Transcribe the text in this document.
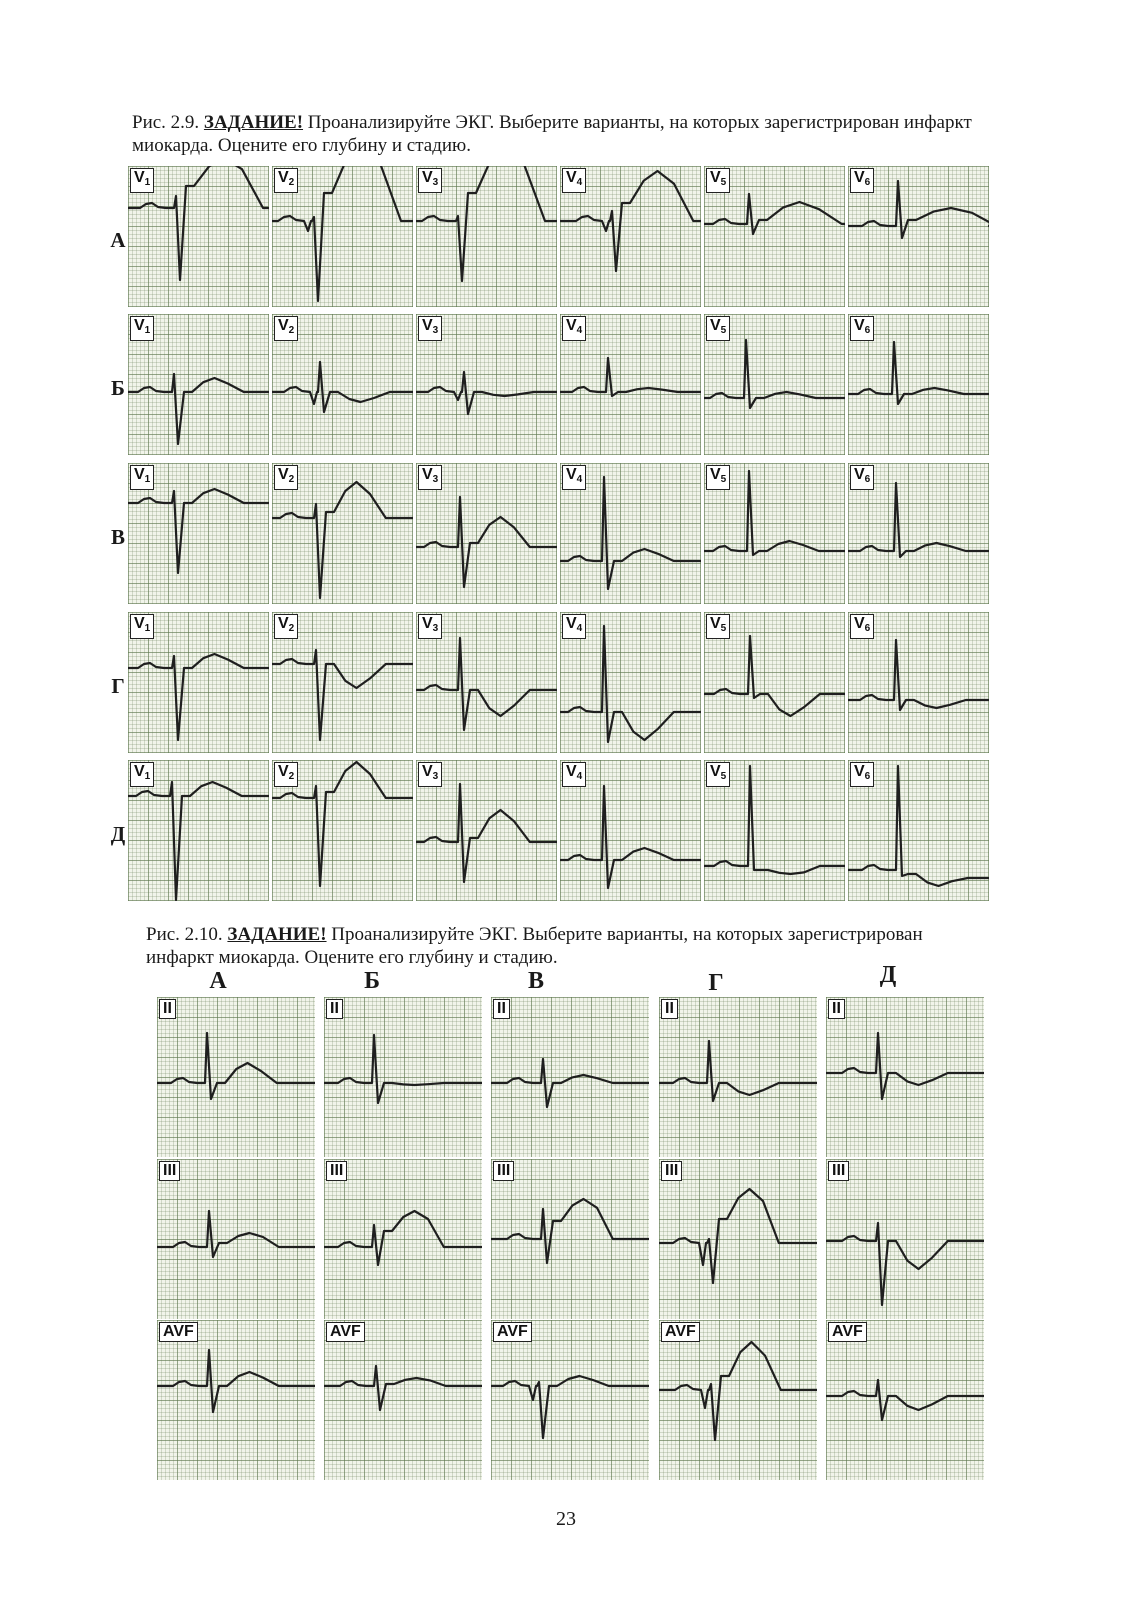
Рис. 2.9. ЗАДАНИЕ! Проанализируйте ЭКГ. Выберите варианты, на которых зарегистрирован инфаркт
миокарда. Оцените его глубину и стадию.

А
$V_1$	$V_2$	$V_3$	$V_4$	$V_5$	$V_6$
Б
$V_1$	$V_2$	$V_3$	$V_4$	$V_5$	$V_6$
В
$V_1$	$V_2$	$V_3$	$V_4$	$V_5$	$V_6$
Г
$V_1$	$V_2$	$V_3$	$V_4$	$V_5$	$V_6$
Д
$V_1$	$V_2$	$V_3$	$V_4$	$V_5$	$V_6$

Рис. 2.10. ЗАДАНИЕ! Проанализируйте ЭКГ. Выберите варианты, на которых зарегистрирован
инфаркт миокарда. Оцените его глубину и стадию.

А
II
III
AVF
Б
II
III
AVF
В
II
III
AVF
Г
II
III
AVF
Д
II
III
AVF
23
